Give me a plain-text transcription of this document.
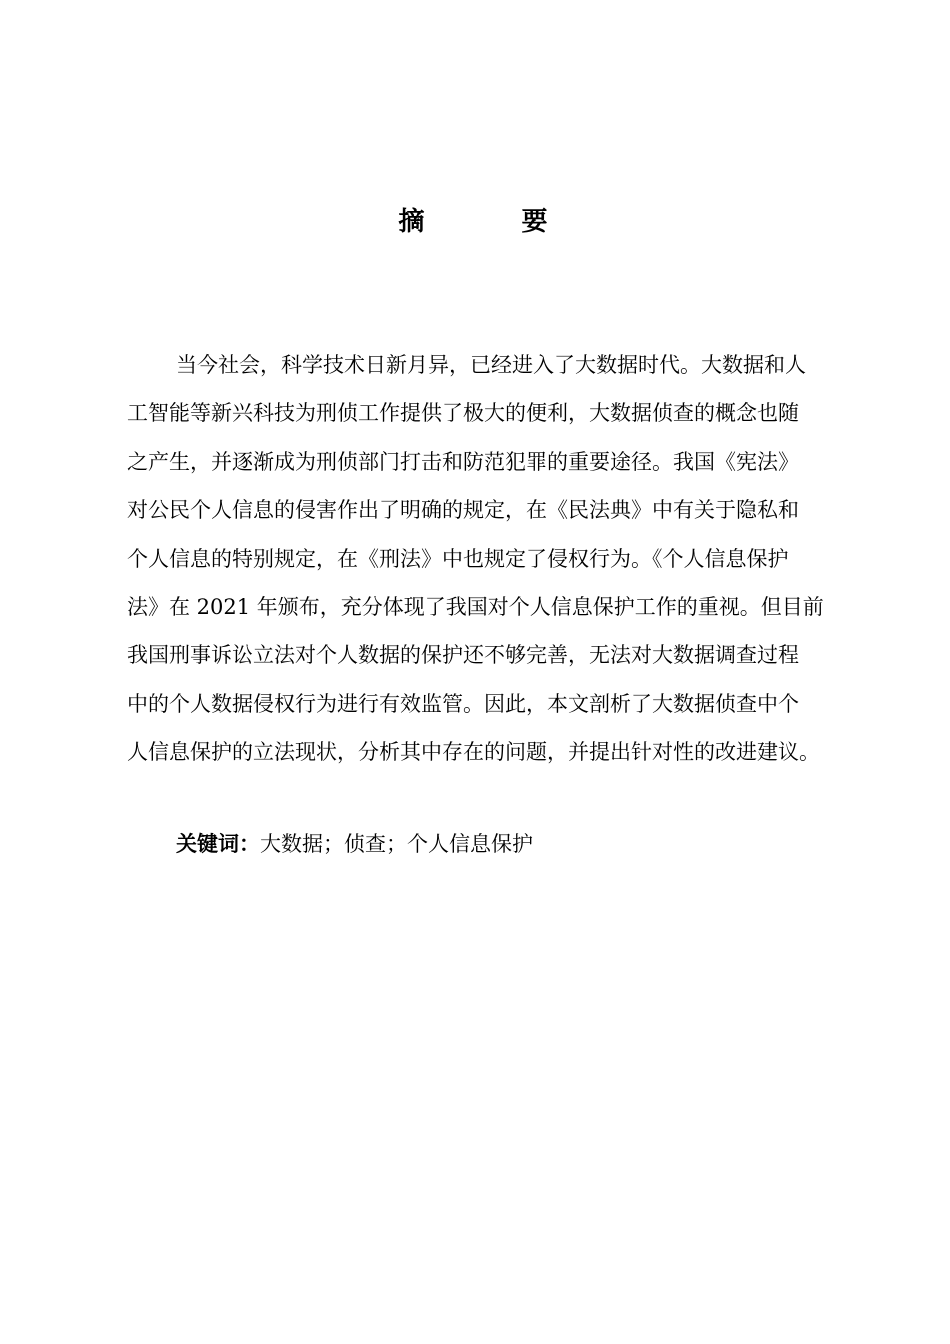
摘 要
当今社会，科学技术日新月异，已经进入了大数据时代。大数据和人
工智能等新兴科技为刑侦工作提供了极大的便利，大数据侦查的概念也随
之产生，并逐渐成为刑侦部门打击和防范犯罪的重要途径。我国《宪法》
对公民个人信息的侵害作出了明确的规定，在《民法典》中有关于隐私和
个人信息的特别规定，在《刑法》中也规定了侵权行为。《个人信息保护
法》在 2021 年颁布，充分体现了我国对个人信息保护工作的重视。但目前
我国刑事诉讼立法对个人数据的保护还不够完善，无法对大数据调查过程
中的个人数据侵权行为进行有效监管。因此，本文剖析了大数据侦查中个
人信息保护的立法现状，分析其中存在的问题，并提出针对性的改进建议。
关键词：大数据；侦查；个人信息保护
